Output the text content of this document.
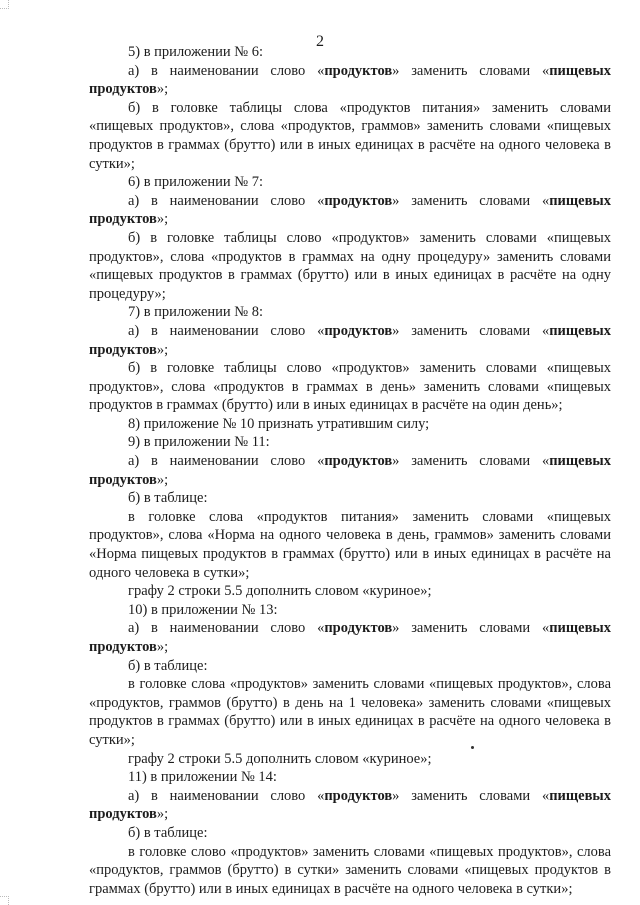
2

5) в приложении № 6:

а) в наименовании слово «продуктов» заменить словами «пищевых продуктов»;

б) в головке таблицы слова «продуктов питания» заменить словами «пищевых продуктов», слова «продуктов, граммов» заменить словами «пищевых продуктов в граммах (брутто) или в иных единицах в расчёте на одного человека в сутки»;

6) в приложении № 7:

а) в наименовании слово «продуктов» заменить словами «пищевых продуктов»;

б) в головке таблицы слово «продуктов» заменить словами «пищевых продуктов», слова «продуктов в граммах на одну процедуру» заменить словами «пищевых продуктов в граммах (брутто) или в иных единицах в расчёте на одну процедуру»;

7) в приложении № 8:

а) в наименовании слово «продуктов» заменить словами «пищевых продуктов»;

б) в головке таблицы слово «продуктов» заменить словами «пищевых продуктов», слова «продуктов в граммах в день» заменить словами «пищевых продуктов в граммах (брутто) или в иных единицах в расчёте на один день»;

8) приложение № 10 признать утратившим силу;

9) в приложении № 11:

а) в наименовании слово «продуктов» заменить словами «пищевых продуктов»;

б) в таблице:

в головке слова «продуктов питания» заменить словами «пищевых продуктов», слова «Норма на одного человека в день, граммов» заменить словами «Норма пищевых продуктов в граммах (брутто) или в иных единицах в расчёте на одного человека в сутки»;

графу 2 строки 5.5 дополнить словом «куриное»;

10) в приложении № 13:

а) в наименовании слово «продуктов» заменить словами «пищевых продуктов»;

б) в таблице:

в головке слова «продуктов» заменить словами «пищевых продуктов», слова «продуктов, граммов (брутто) в день на 1 человека» заменить словами «пищевых продуктов в граммах (брутто) или в иных единицах в расчёте на одного человека в сутки»;

графу 2 строки 5.5 дополнить словом «куриное»;

11) в приложении № 14:

а) в наименовании слово «продуктов» заменить словами «пищевых продуктов»;

б) в таблице:

в головке слово «продуктов» заменить словами «пищевых продуктов», слова «продуктов, граммов (брутто) в сутки» заменить словами «пищевых продуктов в граммах (брутто) или в иных единицах в расчёте на одного человека в сутки»;
